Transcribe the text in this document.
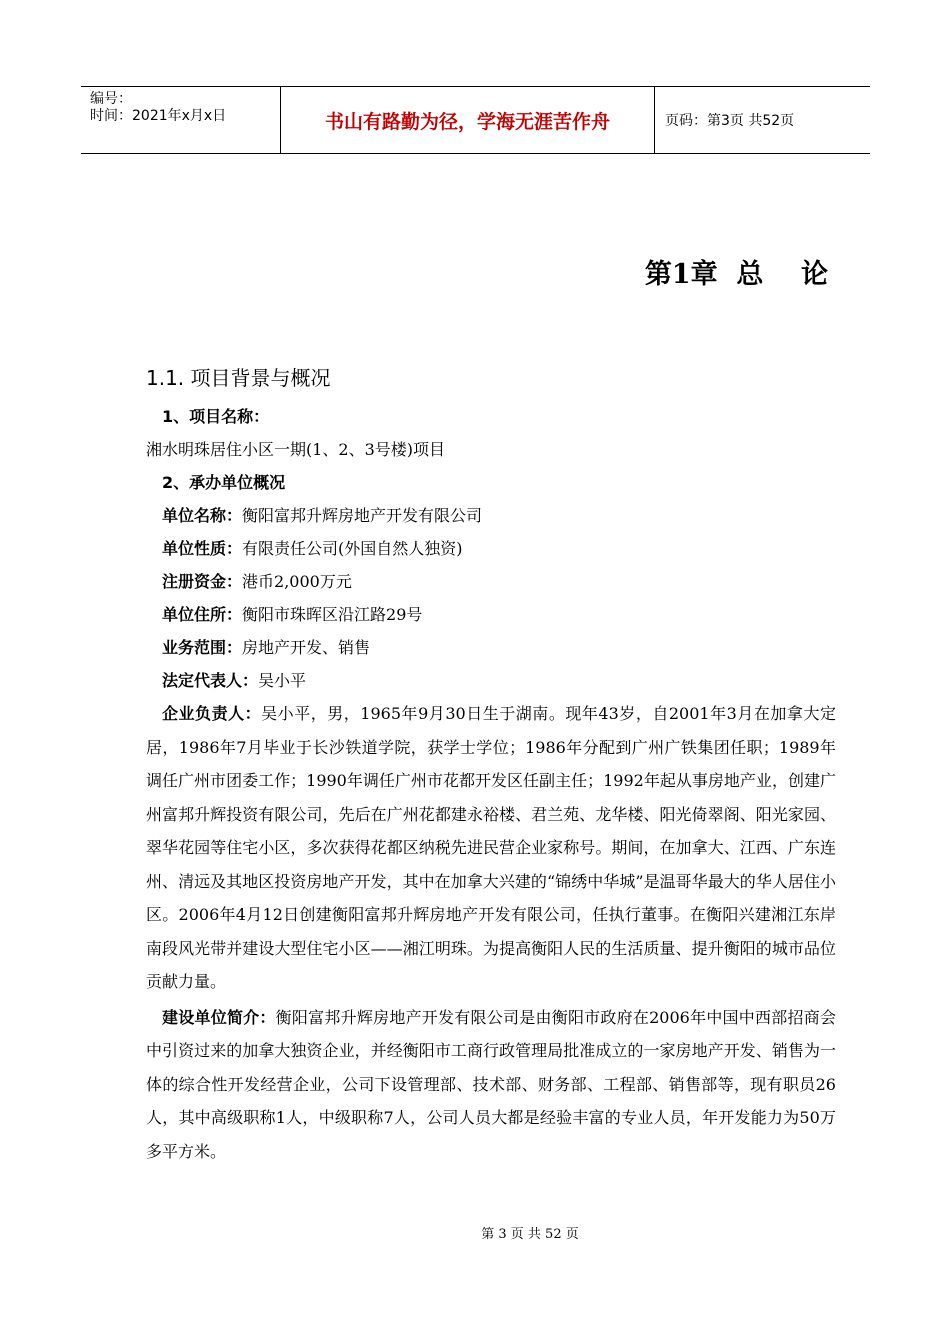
编号：
时间：2021年x月x日	书山有路勤为径，学海无涯苦作舟	页码：第3页 共52页
第1章  总    论
1.1. 项目背景与概况
1、项目名称：
湘水明珠居住小区一期(1、2、3号楼)项目
2、承办单位概况
单位名称：衡阳富邦升辉房地产开发有限公司
单位性质：有限责任公司(外国自然人独资)
注册资金：港币2,000万元
单位住所：衡阳市珠晖区沿江路29号
业务范围：房地产开发、销售
法定代表人：吴小平
企业负责人：吴小平，男，1965年9月30日生于湖南。现年43岁，自2001年3月在加拿大定居，1986年7月毕业于长沙铁道学院，获学士学位；1986年分配到广州广铁集团任职；1989年调任广州市团委工作；1990年调任广州市花都开发区任副主任；1992年起从事房地产业，创建广州富邦升辉投资有限公司，先后在广州花都建永裕楼、君兰苑、龙华楼、阳光倚翠阁、阳光家园、翠华花园等住宅小区，多次获得花都区纳税先进民营企业家称号。期间，在加拿大、江西、广东连州、清远及其地区投资房地产开发，其中在加拿大兴建的“锦绣中华城”是温哥华最大的华人居住小区。2006年4月12日创建衡阳富邦升辉房地产开发有限公司，任执行董事。在衡阳兴建湘江东岸南段风光带并建设大型住宅小区——湘江明珠。为提高衡阳人民的生活质量、提升衡阳的城市品位贡献力量。
建设单位简介：衡阳富邦升辉房地产开发有限公司是由衡阳市政府在2006年中国中西部招商会中引资过来的加拿大独资企业，并经衡阳市工商行政管理局批准成立的一家房地产开发、销售为一体的综合性开发经营企业，公司下设管理部、技术部、财务部、工程部、销售部等，现有职员26人，其中高级职称1人，中级职称7人，公司人员大都是经验丰富的专业人员，年开发能力为50万多平方米。
第 3 页 共 52 页
